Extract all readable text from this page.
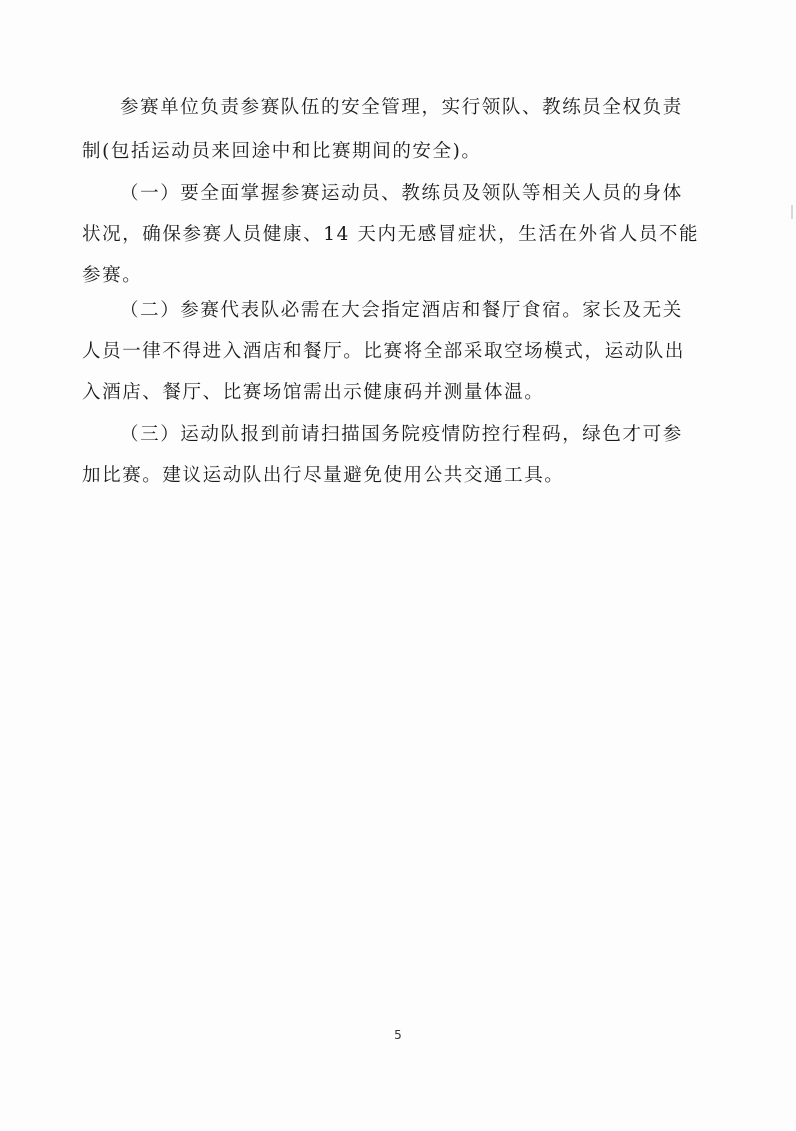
参赛单位负责参赛队伍的安全管理，实行领队、教练员全权负责
制(包括运动员来回途中和比赛期间的安全)。
（一）要全面掌握参赛运动员、教练员及领队等相关人员的身体
状况，确保参赛人员健康、14 天内无感冒症状，生活在外省人员不能
参赛。
（二）参赛代表队必需在大会指定酒店和餐厅食宿。家长及无关
人员一律不得进入酒店和餐厅。比赛将全部采取空场模式，运动队出
入酒店、餐厅、比赛场馆需出示健康码并测量体温。
（三）运动队报到前请扫描国务院疫情防控行程码，绿色才可参
加比赛。建议运动队出行尽量避免使用公共交通工具。
5
